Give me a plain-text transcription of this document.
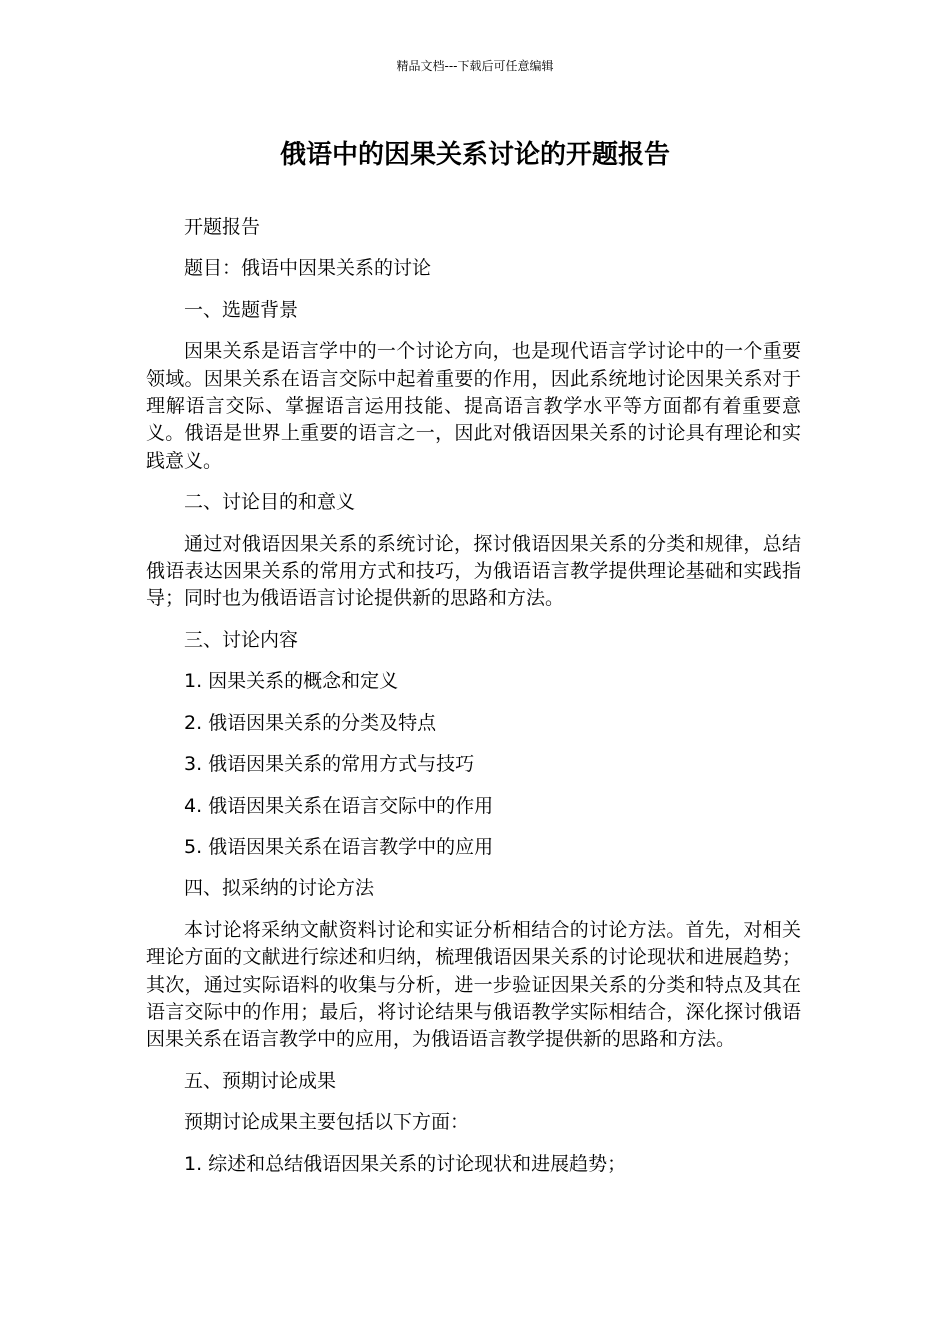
精品文档---下载后可任意编辑
俄语中的因果关系讨论的开题报告

开题报告

题目：俄语中因果关系的讨论

一、选题背景

因果关系是语言学中的一个讨论方向，也是现代语言学讨论中的一个重要领域。因果关系在语言交际中起着重要的作用，因此系统地讨论因果关系对于理解语言交际、掌握语言运用技能、提高语言教学水平等方面都有着重要意义。俄语是世界上重要的语言之一，因此对俄语因果关系的讨论具有理论和实践意义。

二、讨论目的和意义

通过对俄语因果关系的系统讨论，探讨俄语因果关系的分类和规律，总结俄语表达因果关系的常用方式和技巧，为俄语语言教学提供理论基础和实践指导；同时也为俄语语言讨论提供新的思路和方法。

三、讨论内容

1. 因果关系的概念和定义

2. 俄语因果关系的分类及特点

3. 俄语因果关系的常用方式与技巧

4. 俄语因果关系在语言交际中的作用

5. 俄语因果关系在语言教学中的应用

四、拟采纳的讨论方法

本讨论将采纳文献资料讨论和实证分析相结合的讨论方法。首先，对相关理论方面的文献进行综述和归纳，梳理俄语因果关系的讨论现状和进展趋势；其次，通过实际语料的收集与分析，进一步验证因果关系的分类和特点及其在语言交际中的作用；最后，将讨论结果与俄语教学实际相结合，深化探讨俄语因果关系在语言教学中的应用，为俄语语言教学提供新的思路和方法。

五、预期讨论成果

预期讨论成果主要包括以下方面：

1. 综述和总结俄语因果关系的讨论现状和进展趋势；
